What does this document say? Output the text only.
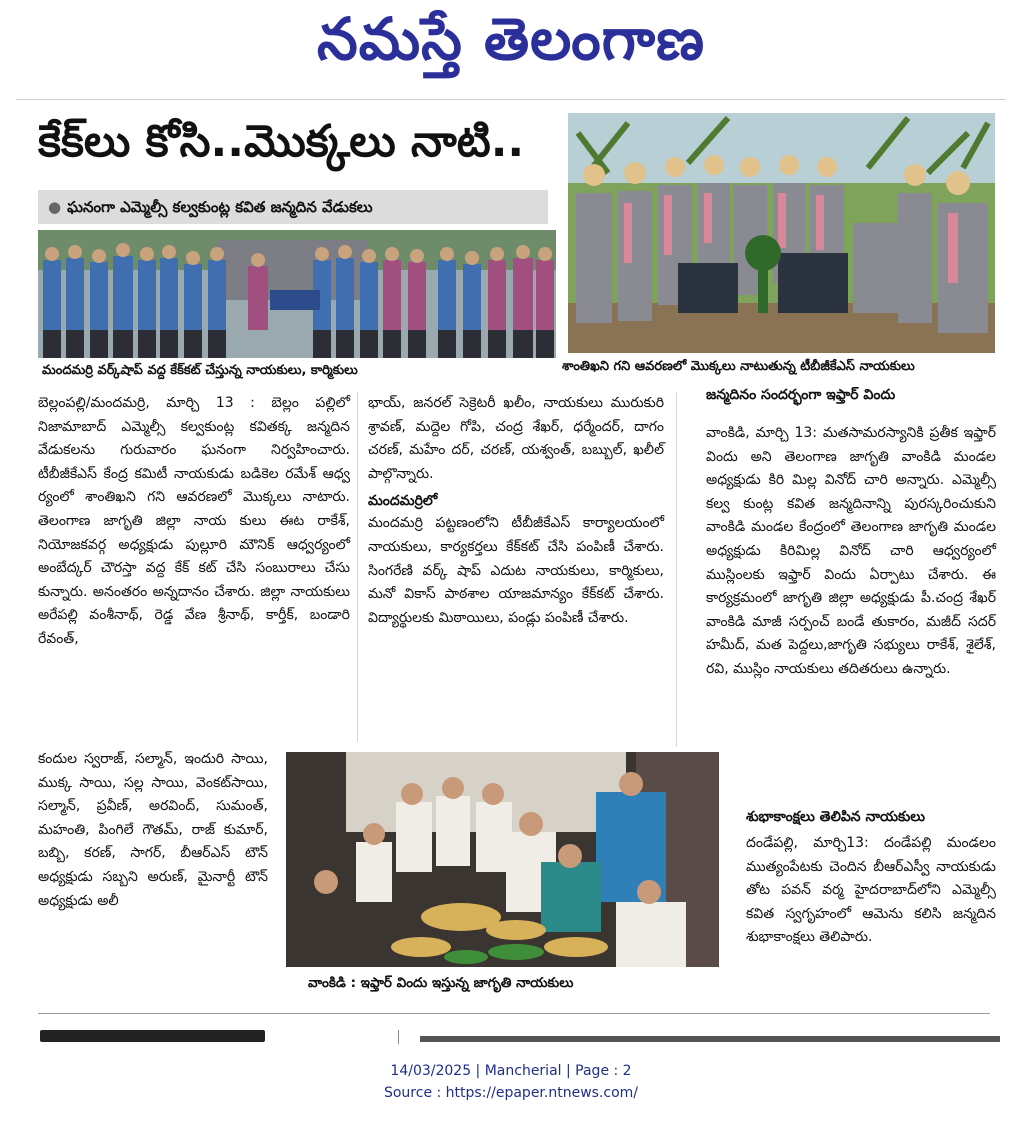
నమస్తే తెలంగాణ
కేక్‌లు కోసి..మొక్కలు నాటి..
● ఘనంగా ఎమ్మెల్సీ కల్వకుంట్ల కవిత జన్మదిన వేడుకలు
మందమర్రి వర్క్‌షాప్ వద్ద కేక్‌కట్ చేస్తున్న నాయకులు, కార్మికులు	శాంతిఖని గని ఆవరణలో మొక్కలు నాటుతున్న టీబీజీకేఎస్ నాయకులు

బెల్లంపల్లి/మందమర్రి, మార్చి 13 : బెల్లం పల్లిలో నిజామాబాద్ ఎమ్మెల్సీ కల్వకుంట్ల కవితక్క జన్మదిన వేడుకలను గురువారం ఘనంగా నిర్వహించారు. టీబీజీకేఎస్ కేంద్ర కమిటీ నాయకుడు బడికెల రమేశ్ ఆధ్వ ర్యంలో శాంతిఖని గని ఆవరణలో మొక్కలు నాటారు. తెలంగాణ జాగృతి జిల్లా నాయ కులు ఈట రాకేశ్, నియోజకవర్గ అధ్యక్షుడు పుల్లూరి మౌనిక్ ఆధ్వర్యంలో అంబేద్కర్ చౌరస్తా వద్ద కేక్ కట్ చేసి సంబురాలు చేసు కున్నారు. అనంతరం అన్నదానం చేశారు. జిల్లా నాయకులు అరేపల్లి వంశీనాథ్, రెడ్డ వేణ శ్రీనాథ్, కార్తీక్, బండారి రేవంత్,

కందుల స్వరాజ్, సల్మాన్, ఇందురి సాయి, ముక్క సాయి, సల్ల సాయి, వెంకట్‌సాయి, సల్మాన్, ప్రవీణ్, అరవింద్, సుమంత్, మహంతి, పింగిలే గౌతమ్, రాజ్ కుమార్, బబ్బి, కరణ్, సాగర్, బీఆర్ఎస్ టౌన్ అధ్యక్షుడు సబ్బని అరుణ్, మైనార్టీ టౌన్ అధ్యక్షుడు అలీ

భాయ్, జనరల్ సెక్రెటరీ ఖలీం, నాయకులు మురుకురి శ్రావణ్, మద్దెల గోపి, చంద్ర శేఖర్, ధర్మేందర్, దాగం చరణ్, మహేం దర్, చరణ్, యశ్వంత్, బబ్బుల్, ఖలీల్ పాల్గొన్నారు.

మందమర్రిలో

మందమర్రి పట్టణంలోని టీబీజీకేఎస్ కార్యాలయంలో నాయకులు, కార్యకర్తలు కేక్‌కట్ చేసి పంపిణీ చేశారు. సింగరేణి వర్క్ షాప్ ఎదుట నాయకులు, కార్మికులు, మనో వికాస్ పాఠశాల యాజమాన్యం కేక్‌కట్ చేశారు. విద్యార్థులకు మిఠాయిలు, పండ్లు పంపిణీ చేశారు.

జన్మదినం సందర్భంగా ఇఫ్తార్ విందు

వాంకిడి, మార్చి 13: మతసామరస్యానికి ప్రతీక ఇఫ్తార్ విందు అని తెలంగాణ జాగృతి వాంకిడి మండల అధ్యక్షుడు కిరి మిల్ల వినోద్ చారి అన్నారు. ఎమ్మెల్సీ కల్వ కుంట్ల కవిత జన్మదినాన్ని పురస్కరించుకుని వాంకిడి మండల కేంద్రంలో తెలంగాణ జాగృతి మండల అధ్యక్షుడు కిరిమిల్ల వినోద్ చారి ఆధ్వర్యంలో ముస్లింలకు ఇఫ్తార్ విందు ఏర్పాటు చేశారు. ఈ కార్యక్రమంలో జాగృతి జిల్లా అధ్యక్షుడు పీ.చంద్ర శేఖర్ వాంకిడి మాజీ సర్పంచ్ బండే తుకారం, మజీద్ సదర్ హమీద్, మత పెద్దలు,జాగృతి సభ్యులు రాకేశ్, శైలేశ్, రవి, ముస్లిం నాయకులు తదితరులు ఉన్నారు.

వాంకిడి : ఇఫ్తార్ విందు ఇస్తున్న జాగృతి నాయకులు
శుభాకాంక్షలు తెలిపిన నాయకులు

దండేపల్లి, మార్చి13: దండేపల్లి మండలం ముత్యంపేటకు చెందిన బీఆర్ఎస్వీ నాయకుడు తోట పవన్ వర్మ హైదరాబాద్‌లోని ఎమ్మెల్సీ కవిత స్వగృహంలో ఆమెను కలిసి జన్మదిన శుభాకాంక్షలు తెలిపారు.

14/03/2025 | Mancherial | Page : 2
Source : https://epaper.ntnews.com/
